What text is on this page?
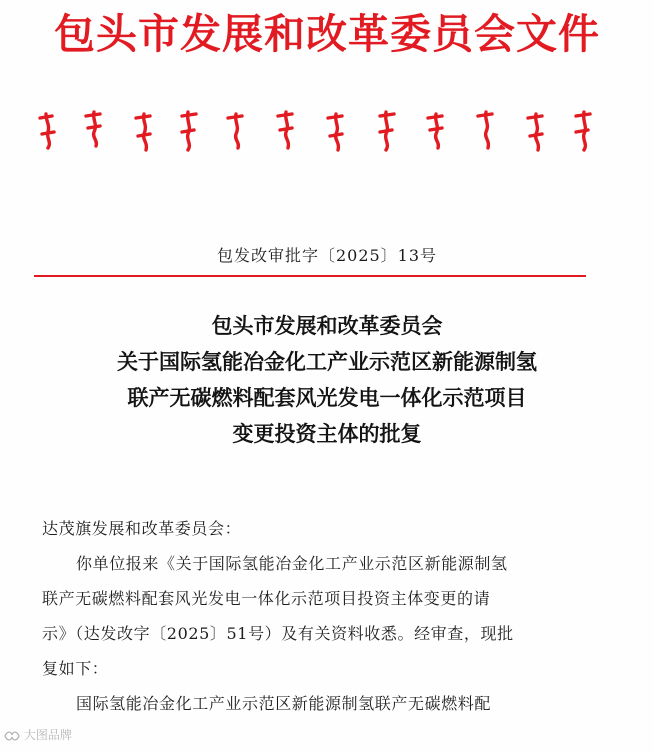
包头市发展和改革委员会文件
包发改审批字〔2025〕13号
包头市发展和改革委员会
关于国际氢能冶金化工产业示范区新能源制氢
联产无碳燃料配套风光发电一体化示范项目
变更投资主体的批复
达茂旗发展和改革委员会：
你单位报来《关于国际氢能冶金化工产业示范区新能源制氢
联产无碳燃料配套风光发电一体化示范项目投资主体变更的请
示》（达发改字〔2025〕51号）及有关资料收悉。经审查，现批
复如下：
国际氢能冶金化工产业示范区新能源制氢联产无碳燃料配
大图品牌
